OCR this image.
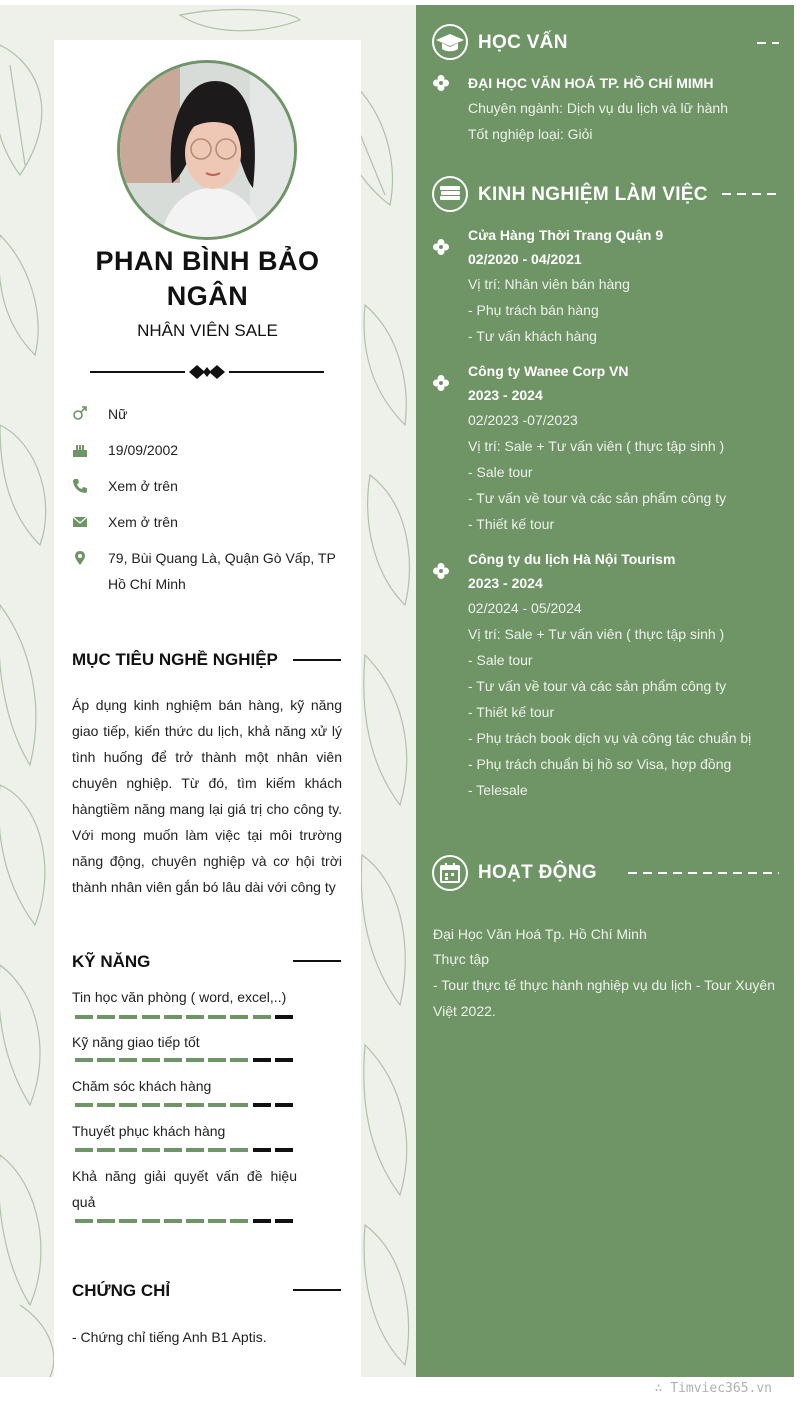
PHAN BÌNH BẢO NGÂN
NHÂN VIÊN SALE
Nữ
19/09/2002
Xem ở trên
Xem ở trên
79, Bùi Quang Là, Quận Gò Vấp, TP Hồ Chí Minh
MỤC TIÊU NGHỀ NGHIỆP
Áp dụng kinh nghiệm bán hàng, kỹ năng giao tiếp, kiến thức du lịch, khả năng xử lý tình huống để trở thành một nhân viên chuyên nghiệp. Từ đó, tìm kiếm khách hàngtiềm năng mang lại giá trị cho công ty. Với mong muốn làm việc tại môi trường năng động, chuyên nghiệp và cơ hội trời thành nhân viên gắn bó lâu dài với công ty
KỸ NĂNG
Tin học văn phòng ( word, excel,..)
Kỹ năng giao tiếp tốt
Chăm sóc khách hàng
Thuyết phục khách hàng
Khả năng giải quyết vấn đề hiệu quả
CHỨNG CHỈ
- Chứng chỉ tiếng Anh B1 Aptis.
HỌC VẤN
ĐẠI HỌC VĂN HOÁ TP. HỒ CHÍ MIMH
Chuyên ngành: Dịch vụ du lịch và lữ hành
Tốt nghiệp loại: Giỏi
KINH NGHIỆM LÀM VIỆC
Cửa Hàng Thời Trang Quận 9
02/2020 - 04/2021
Vị trí: Nhân viên bán hàng
- Phụ trách bán hàng
- Tư vấn khách hàng
Công ty Wanee Corp VN
2023 - 2024
02/2023 -07/2023
Vị trí: Sale + Tư vấn viên ( thực tập sinh )
- Sale tour
- Tư vấn về tour và các sản phẩm công ty
- Thiết kế tour
Công ty du lịch Hà Nội Tourism
2023 - 2024
02/2024 - 05/2024
Vị trí: Sale + Tư vấn viên ( thực tập sinh )
- Sale tour
- Tư vấn về tour và các sản phẩm công ty
- Thiết kế tour
- Phụ trách book dịch vụ và công tác chuẩn bị
- Phụ trách chuẩn bị hồ sơ Visa, hợp đồng
- Telesale
HOẠT ĐỘNG
Đại Học Văn Hoá Tp. Hồ Chí Minh
Thực tập
- Tour thực tế thực hành nghiệp vụ du lịch - Tour Xuyên Việt 2022.
∴ Timviec365.vn
